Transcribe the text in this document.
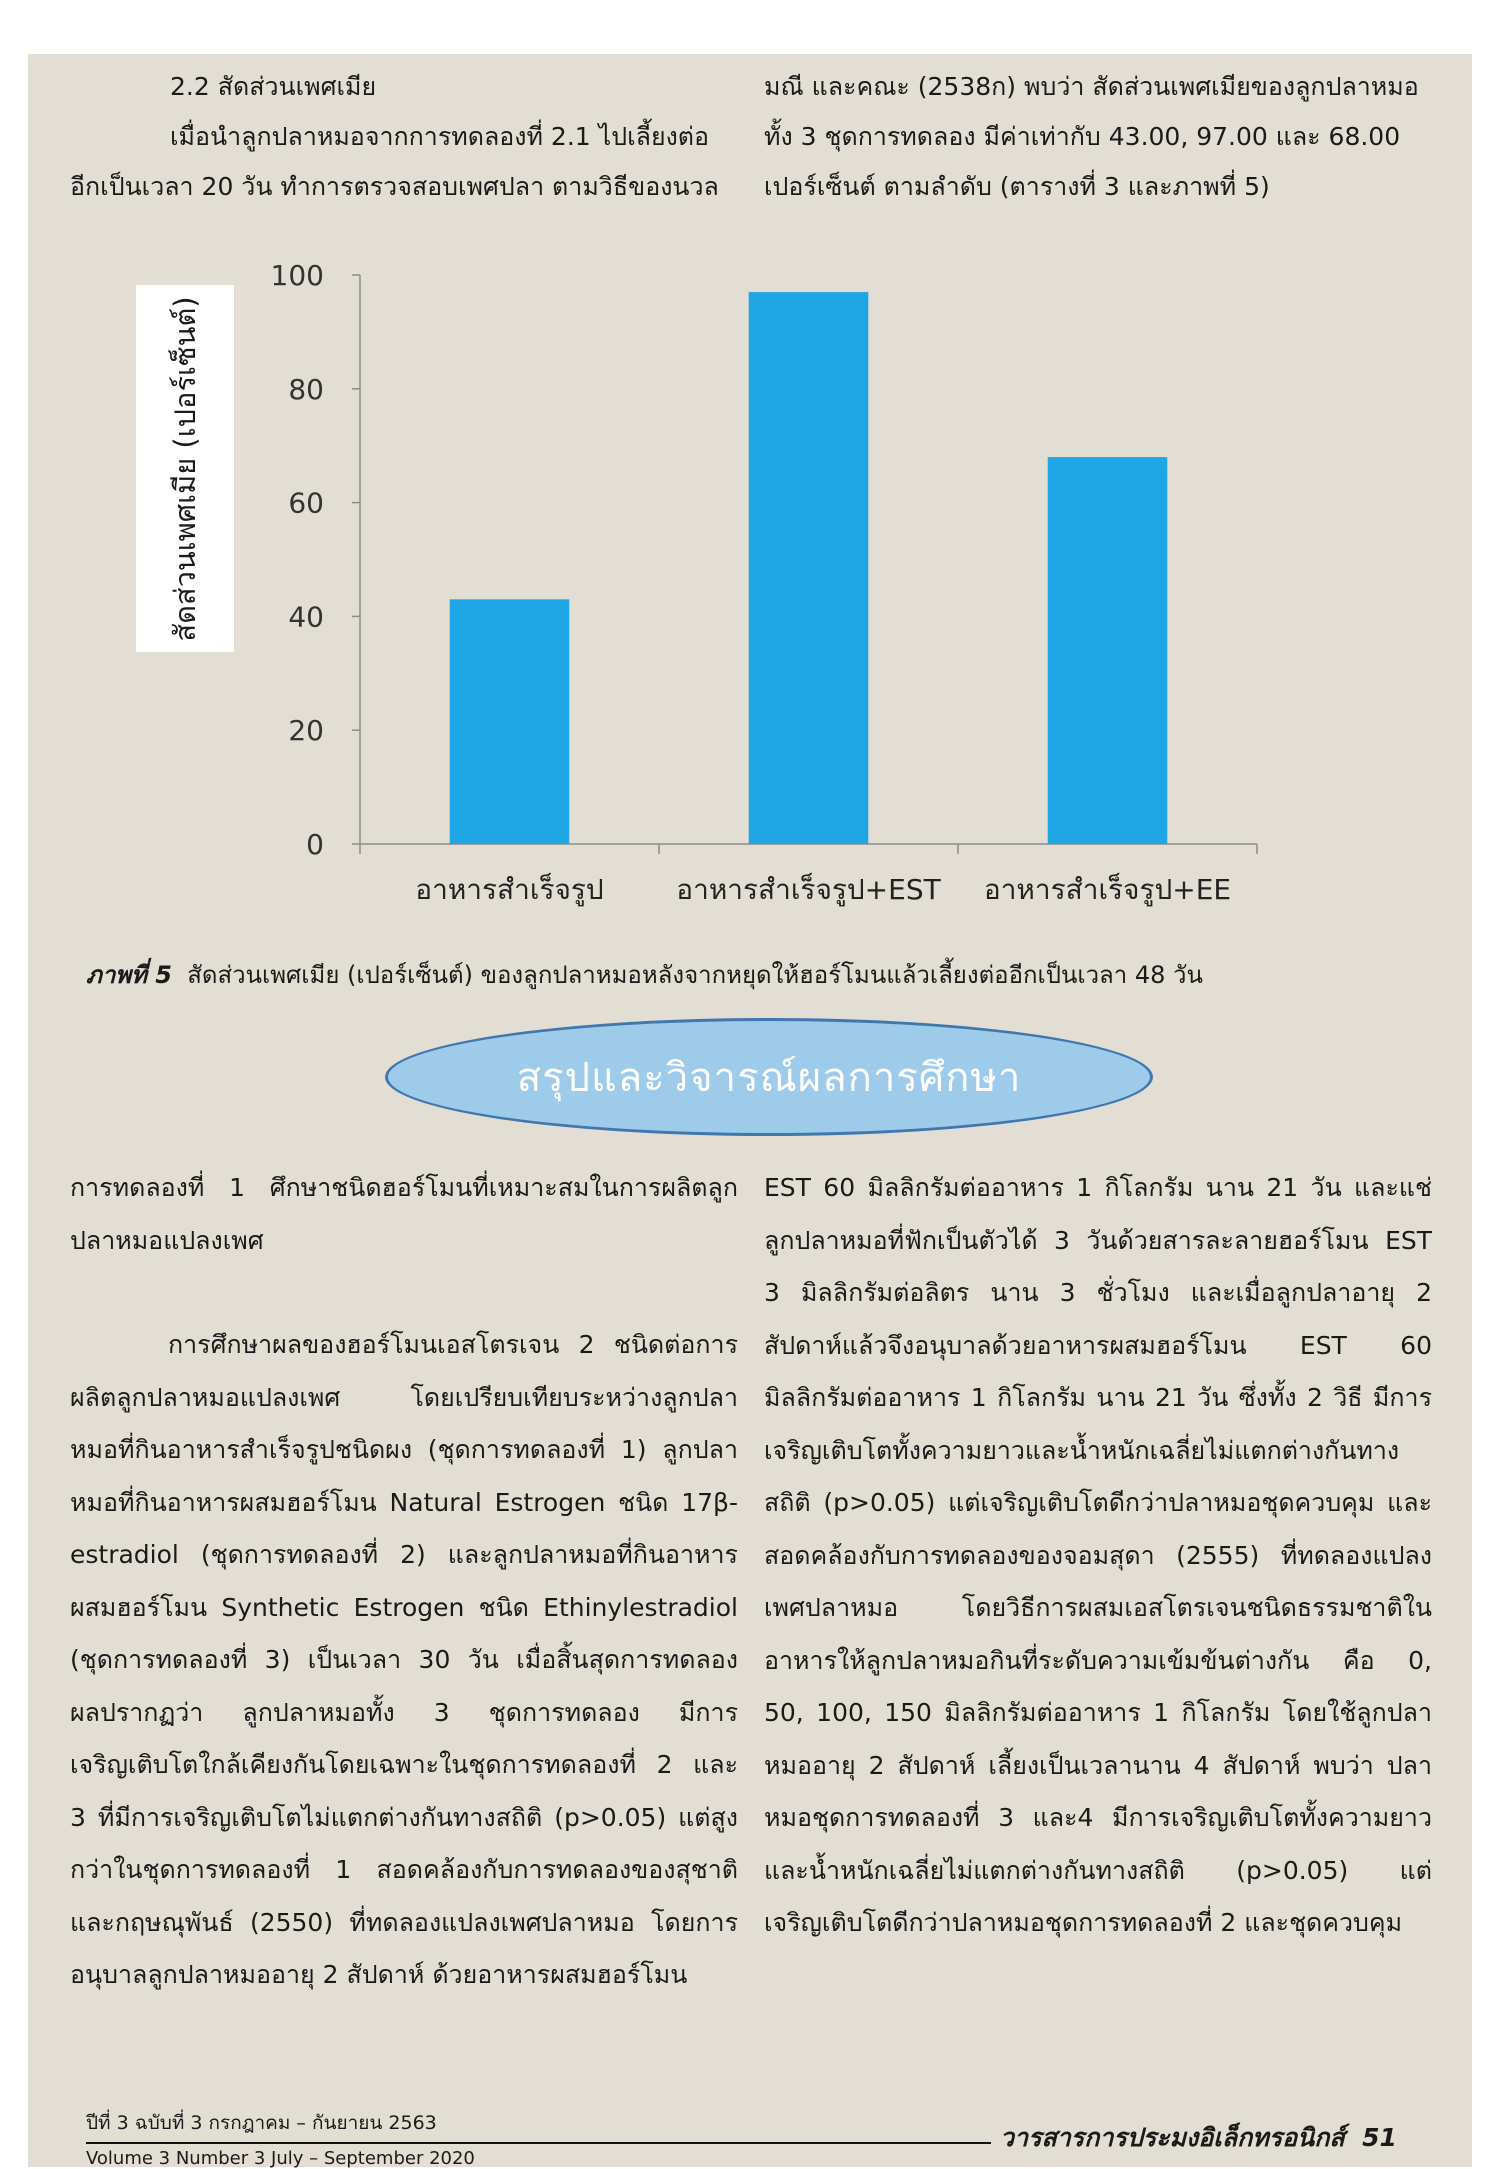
2.2 สัดส่วนเพศเมีย
เมื่อนำลูกปลาหมอจากการทดลองที่ 2.1 ไปเลี้ยงต่อ
อีกเป็นเวลา 20 วัน ทำการตรวจสอบเพศปลา ตามวิธีของนวล
มณี และคณะ (2538ก) พบว่า สัดส่วนเพศเมียของลูกปลาหมอ
ทั้ง 3 ชุดการทดลอง มีค่าเท่ากับ 43.00, 97.00 และ 68.00
เปอร์เซ็นต์ ตามลำดับ (ตารางที่ 3 และภาพที่ 5)
0
20
40
60
80
100
อาหารสำเร็จรูป	อาหารสำเร็จรูป+EST อาหารสำเร็จรูป+EE
สัดส่วนเพศเมีย (เปอร์เซ็นต์)
ภาพที่ 5 สัดส่วนเพศเมีย (เปอร์เซ็นต์) ของลูกปลาหมอหลังจากหยุดให้ฮอร์โมนแล้วเลี้ยงต่ออีกเป็นเวลา 48 วัน
สรุปและวิจารณ์ผลการศึกษา
การทดลองที่ 1 ศึกษาชนิดฮอร์โมนที่เหมาะสมในการผลิตลูก
ปลาหมอแปลงเพศ
การศึกษาผลของฮอร์โมนเอสโตรเจน 2 ชนิดต่อการ
ผลิตลูกปลาหมอแปลงเพศ โดยเปรียบเทียบระหว่างลูกปลา
หมอที่กินอาหารสำเร็จรูปชนิดผง (ชุดการทดลองที่ 1) ลูกปลา
หมอที่กินอาหารผสมฮอร์โมน Natural Estrogen ชนิด 17β-
estradiol (ชุดการทดลองที่ 2) และลูกปลาหมอที่กินอาหาร
ผสมฮอร์โมน Synthetic Estrogen ชนิด Ethinylestradiol
(ชุดการทดลองที่ 3) เป็นเวลา 30 วัน เมื่อสิ้นสุดการทดลอง
ผลปรากฏว่า ลูกปลาหมอทั้ง 3 ชุดการทดลอง มีการ
เจริญเติบโตใกล้เคียงกันโดยเฉพาะในชุดการทดลองที่ 2 และ
3 ที่มีการเจริญเติบโตไม่แตกต่างกันทางสถิติ (p>0.05) แต่สูง
กว่าในชุดการทดลองที่ 1 สอดคล้องกับการทดลองของสุชาติ
และกฤษณุพันธ์ (2550) ที่ทดลองแปลงเพศปลาหมอ โดยการ
อนุบาลลูกปลาหมออายุ 2 สัปดาห์ ด้วยอาหารผสมฮอร์โมน
EST 60 มิลลิกรัมต่ออาหาร 1 กิโลกรัม นาน 21 วัน และแช่
ลูกปลาหมอที่ฟักเป็นตัวได้ 3 วันด้วยสารละลายฮอร์โมน EST
3 มิลลิกรัมต่อลิตร นาน 3 ชั่วโมง และเมื่อลูกปลาอายุ 2
สัปดาห์แล้วจึงอนุบาลด้วยอาหารผสมฮอร์โมน EST 60
มิลลิกรัมต่ออาหาร 1 กิโลกรัม นาน 21 วัน ซึ่งทั้ง 2 วิธี มีการ
เจริญเติบโตทั้งความยาวและน้ำหนักเฉลี่ยไม่แตกต่างกันทาง
สถิติ (p>0.05) แต่เจริญเติบโตดีกว่าปลาหมอชุดควบคุม และ
สอดคล้องกับการทดลองของจอมสุดา (2555) ที่ทดลองแปลง
เพศปลาหมอ โดยวิธีการผสมเอสโตรเจนชนิดธรรมชาติใน
อาหารให้ลูกปลาหมอกินที่ระดับความเข้มข้นต่างกัน คือ 0,
50, 100, 150 มิลลิกรัมต่ออาหาร 1 กิโลกรัม โดยใช้ลูกปลา
หมออายุ 2 สัปดาห์ เลี้ยงเป็นเวลานาน 4 สัปดาห์ พบว่า ปลา
หมอชุดการทดลองที่ 3 และ4 มีการเจริญเติบโตทั้งความยาว
และน้ำหนักเฉลี่ยไม่แตกต่างกันทางสถิติ (p>0.05) แต่
เจริญเติบโตดีกว่าปลาหมอชุดการทดลองที่ 2 และชุดควบคุม
ปีที่ 3 ฉบับที่ 3 กรกฎาคม – กันยายน 2563
Volume 3 Number 3 July – September 2020
วารสารการประมงอิเล็กทรอนิกส์ 51
